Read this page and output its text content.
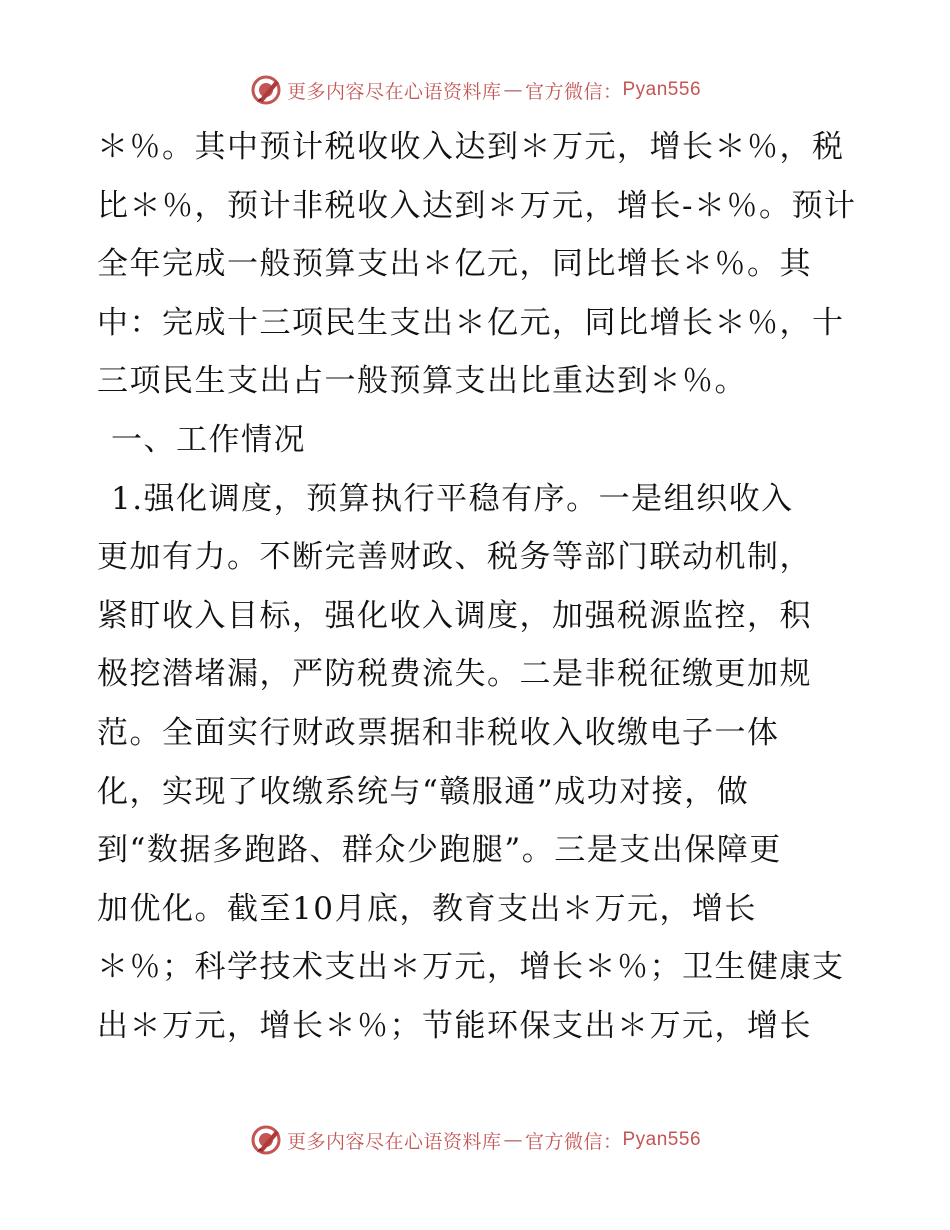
更多内容尽在心语资料库 — 官方微信： Pyan556
＊％。其中预计税收收入达到＊万元，增长＊％，税
比＊％，预计非税收入达到＊万元，增长-＊％。预计
全年完成一般预算支出＊亿元，同比增长＊％。其
中：完成十三项民生支出＊亿元，同比增长＊％，十
三项民生支出占一般预算支出比重达到＊％。
一、工作情况
1.强化调度，预算执行平稳有序。一是组织收入
更加有力。不断完善财政、税务等部门联动机制，
紧盯收入目标，强化收入调度，加强税源监控，积
极挖潜堵漏，严防税费流失。二是非税征缴更加规
范。全面实行财政票据和非税收入收缴电子一体
化，实现了收缴系统与“赣服通”成功对接，做
到“数据多跑路、群众少跑腿”。三是支出保障更
加优化。截至10月底，教育支出＊万元，增长
＊％；科学技术支出＊万元，增长＊％；卫生健康支
出＊万元，增长＊％；节能环保支出＊万元，增长
更多内容尽在心语资料库 — 官方微信： Pyan556
